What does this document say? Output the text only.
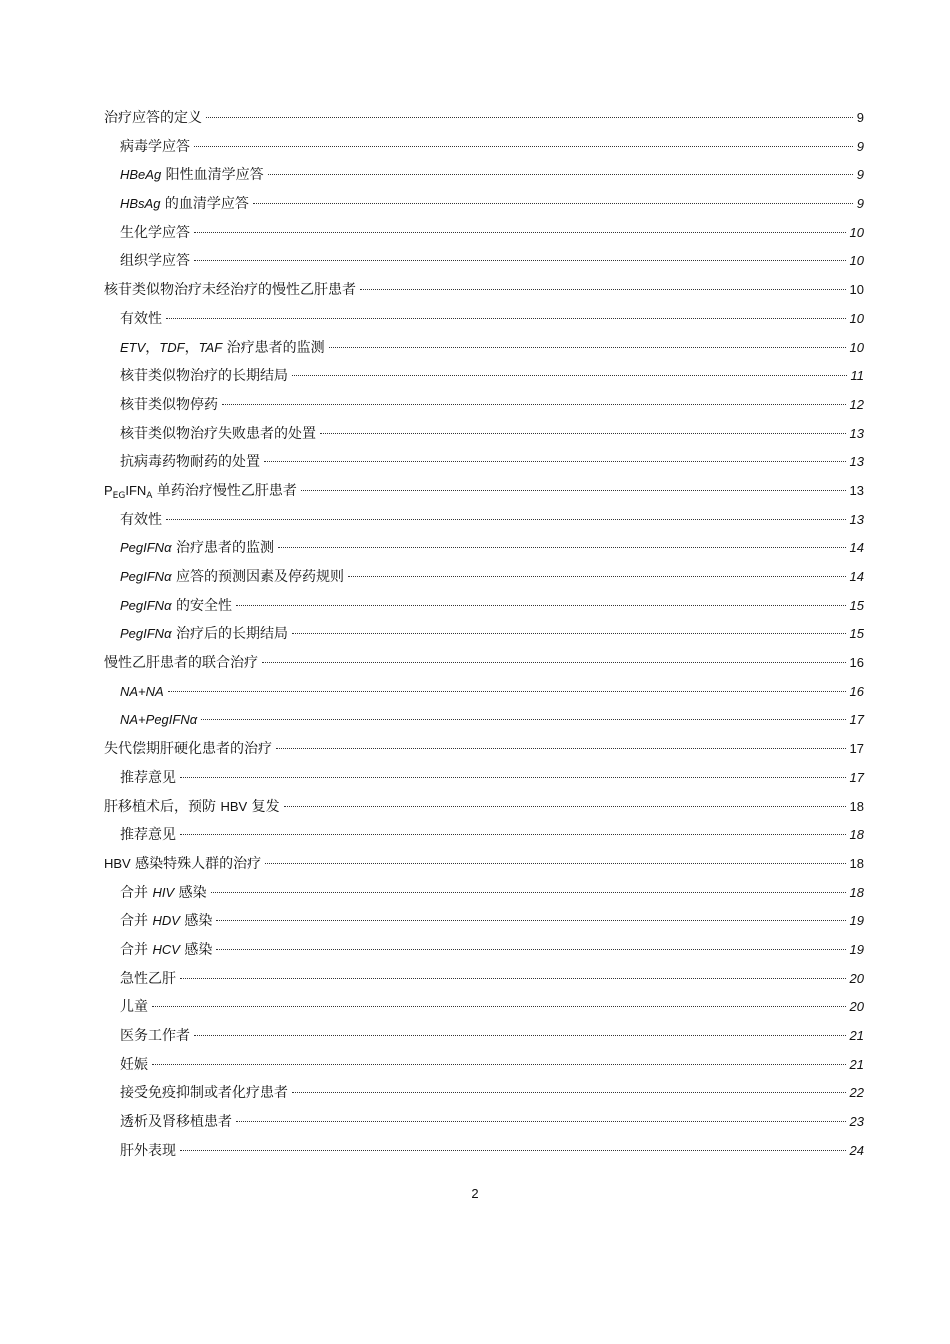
治疗应答的定义	9
病毒学应答	9
HBeAg 阳性血清学应答	9
HBsAg 的血清学应答	9
生化学应答	10
组织学应答	10
核苷类似物治疗未经治疗的慢性乙肝患者	10
有效性	10
ETV，TDF，TAF 治疗患者的监测	10
核苷类似物治疗的长期结局	11
核苷类似物停药	12
核苷类似物治疗失败患者的处置	13
抗病毒药物耐药的处置	13
$P_{EG}IFN_A$ 单药治疗慢性乙肝患者	13
有效性	13
PegIFNα 治疗患者的监测	14
PegIFNα 应答的预测因素及停药规则	14
PegIFNα 的安全性	15
PegIFNα 治疗后的长期结局	15
慢性乙肝患者的联合治疗	16
NA+NA	16
NA+PegIFNα	17
失代偿期肝硬化患者的治疗	17
推荐意见	17
肝移植术后，预防 HBV 复发	18
推荐意见	18
HBV 感染特殊人群的治疗	18
合并 HIV 感染	18
合并 HDV 感染	19
合并 HCV 感染	19
急性乙肝	20
儿童	20
医务工作者	21
妊娠	21
接受免疫抑制或者化疗患者	22
透析及肾移植患者	23
肝外表现	24
2
